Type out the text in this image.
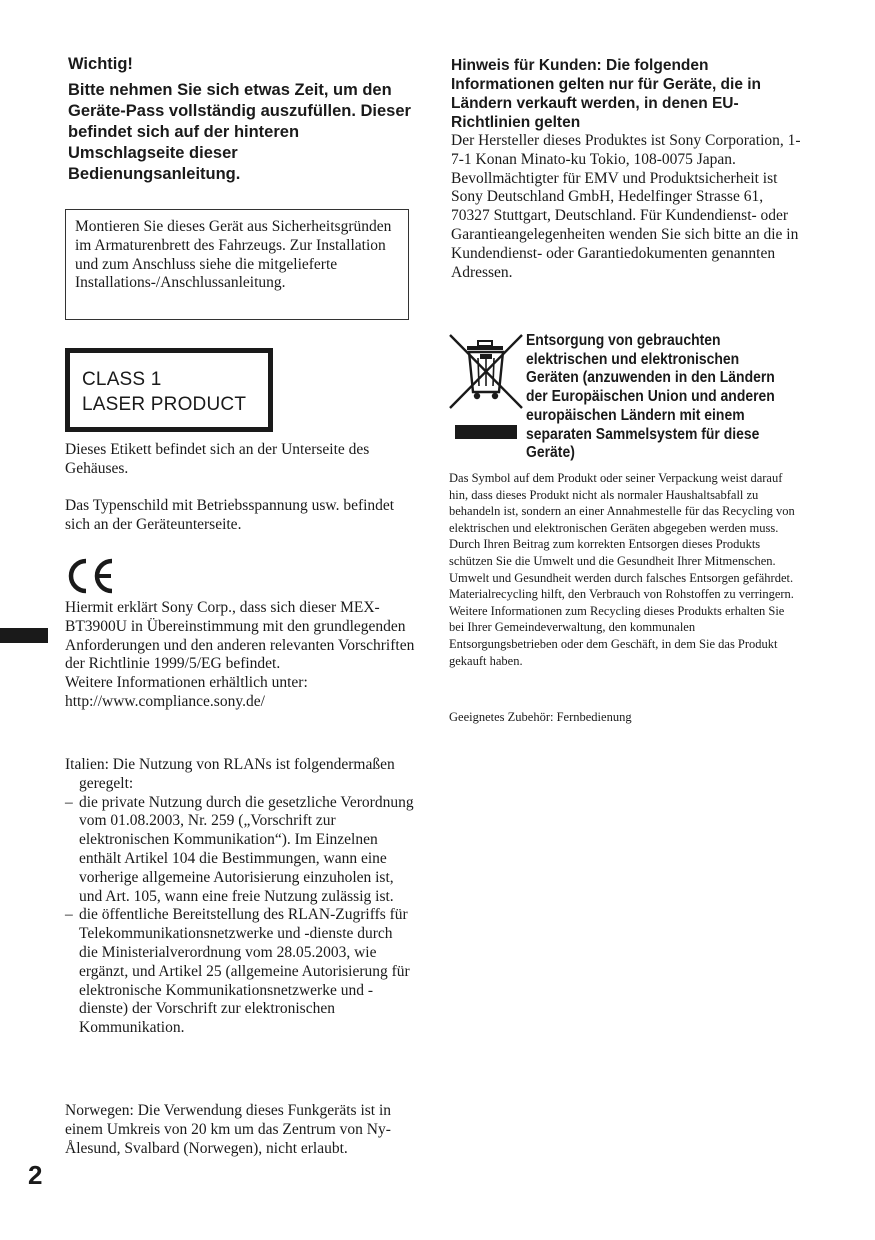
Wichtig!
Bitte nehmen Sie sich etwas Zeit, um den Geräte-Pass vollständig auszufüllen. Dieser befindet sich auf der hinteren Umschlagseite dieser Bedienungsanleitung.

Montieren Sie dieses Gerät aus Sicherheitsgründen im Armaturenbrett des Fahrzeugs. Zur Installation und zum Anschluss siehe die mitgelieferte Installations-/Anschlussanleitung.

CLASS 1
LASER PRODUCT

Dieses Etikett befindet sich an der Unterseite des Gehäuses.

Das Typenschild mit Betriebsspannung usw. befindet sich an der Geräteunterseite.

Hiermit erklärt Sony Corp., dass sich dieser MEX-BT3900U in Übereinstimmung mit den grundlegenden Anforderungen und den anderen relevanten Vorschriften der Richtlinie 1999/5/EG befindet.

Weitere Informationen erhältlich unter:

http://www.compliance.sony.de/

Italien: Die Nutzung von RLANs ist folgendermaßen geregelt:

– die private Nutzung durch die gesetzliche Verordnung vom 01.08.2003, Nr. 259 („Vorschrift zur elektronischen Kommunikation“). Im Einzelnen enthält Artikel 104 die Bestimmungen, wann eine vorherige allgemeine Autorisierung einzuholen ist, und Art. 105, wann eine freie Nutzung zulässig ist.
– die öffentliche Bereitstellung des RLAN-Zugriffs für Telekommunikationsnetzwerke und -dienste durch die Ministerialverordnung vom 28.05.2003, wie ergänzt, und Artikel 25 (allgemeine Autorisierung für elektronische Kommunikationsnetzwerke und -dienste) der Vorschrift zur elektronischen Kommunikation.

Norwegen: Die Verwendung dieses Funkgeräts ist in einem Umkreis von 20 km um das Zentrum von Ny-Ålesund, Svalbard (Norwegen), nicht erlaubt.

2
Hinweis für Kunden: Die folgenden Informationen gelten nur für Geräte, die in Ländern verkauft werden, in denen EU-Richtlinien gelten

Der Hersteller dieses Produktes ist Sony Corporation, 1-7-1 Konan Minato-ku Tokio, 108-0075 Japan. Bevollmächtigter für EMV und Produktsicherheit ist Sony Deutschland GmbH, Hedelfinger Strasse 61, 70327 Stuttgart, Deutschland. Für Kundendienst- oder Garantieangelegenheiten wenden Sie sich bitte an die in Kundendienst- oder Garantiedokumenten genannten Adressen.

Entsorgung von gebrauchten elektrischen und elektronischen Geräten (anzuwenden in den Ländern der Europäischen Union und anderen europäischen Ländern mit einem separaten Sammelsystem für diese Geräte)

Das Symbol auf dem Produkt oder seiner Verpackung weist darauf hin, dass dieses Produkt nicht als normaler Haushaltsabfall zu behandeln ist, sondern an einer Annahmestelle für das Recycling von elektrischen und elektronischen Geräten abgegeben werden muss. Durch Ihren Beitrag zum korrekten Entsorgen dieses Produkts schützen Sie die Umwelt und die Gesundheit Ihrer Mitmenschen. Umwelt und Gesundheit werden durch falsches Entsorgen gefährdet. Materialrecycling hilft, den Verbrauch von Rohstoffen zu verringern. Weitere Informationen zum Recycling dieses Produkts erhalten Sie bei Ihrer Gemeindeverwaltung, den kommunalen Entsorgungsbetrieben oder dem Geschäft, in dem Sie das Produkt gekauft haben.

Geeignetes Zubehör: Fernbedienung
